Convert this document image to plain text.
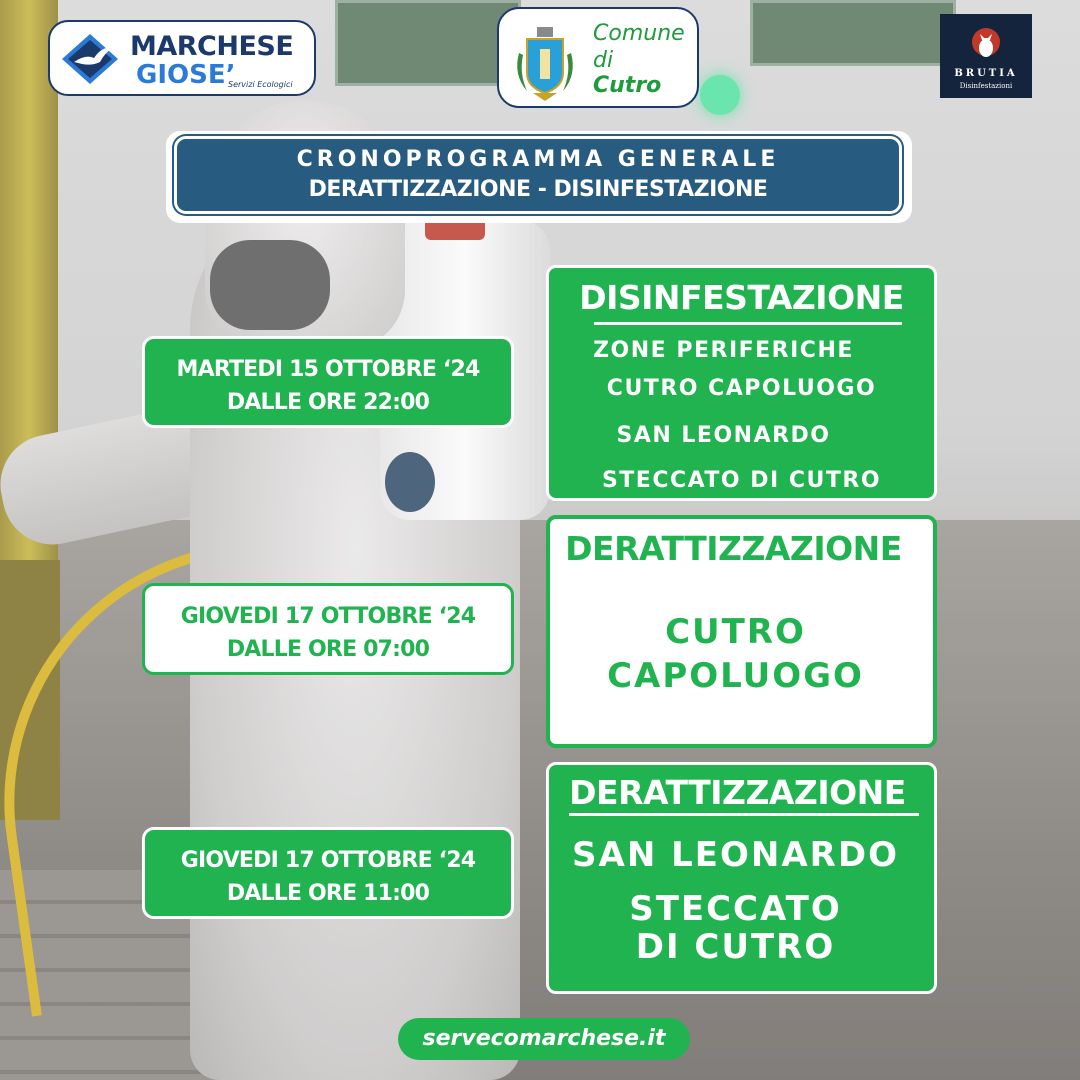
MARCHESE
GIOSE’
Servizi Ecologici
Comune
di
Cutro	BRUTIA
Disinfestazioni
CRONOPROGRAMMA GENERALE
DERATTIZZAZIONE - DISINFESTAZIONE
MARTEDI 15 OTTOBRE ‘24
DALLE ORE 22:00
DISINFESTAZIONE
ZONE PERIFERICHE
CUTRO CAPOLUOGO
SAN LEONARDO
STECCATO DI CUTRO
GIOVEDI 17 OTTOBRE ‘24
DALLE ORE 07:00
DERATTIZZAZIONE
CUTRO
CAPOLUOGO
GIOVEDI 17 OTTOBRE ‘24
DALLE ORE 11:00
DERATTIZZAZIONE
SAN LEONARDO
STECCATO
DI CUTRO
servecomarchese.it
